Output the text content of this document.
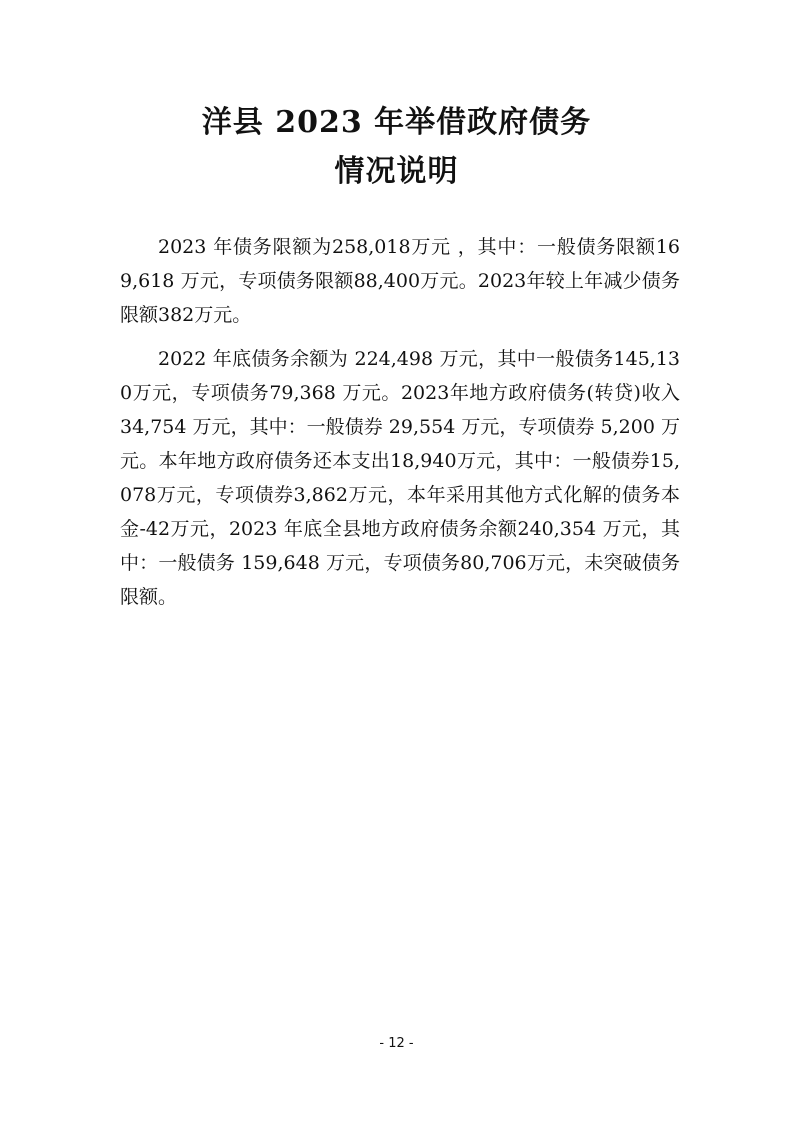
洋县 2023 年举借政府债务
情况说明

2023 年债务限额为258,018万元 ，其中：一般债务限额169,618 万元，专项债务限额88,400万元。2023年较上年减少债务限额382万元。

2022 年底债务余额为 224,498 万元，其中一般债务145,130万元，专项债务79,368 万元。2023年地方政府债务(转贷)收入 34,754 万元，其中：一般债券 29,554 万元，专项债券 5,200 万元。本年地方政府债务还本支出18,940万元，其中：一般债券15,078万元，专项债券3,862万元，本年采用其他方式化解的债务本金-42万元，2023 年底全县地方政府债务余额240,354 万元，其中：一般债务 159,648 万元，专项债务80,706万元，未突破债务限额。

- 12 -
